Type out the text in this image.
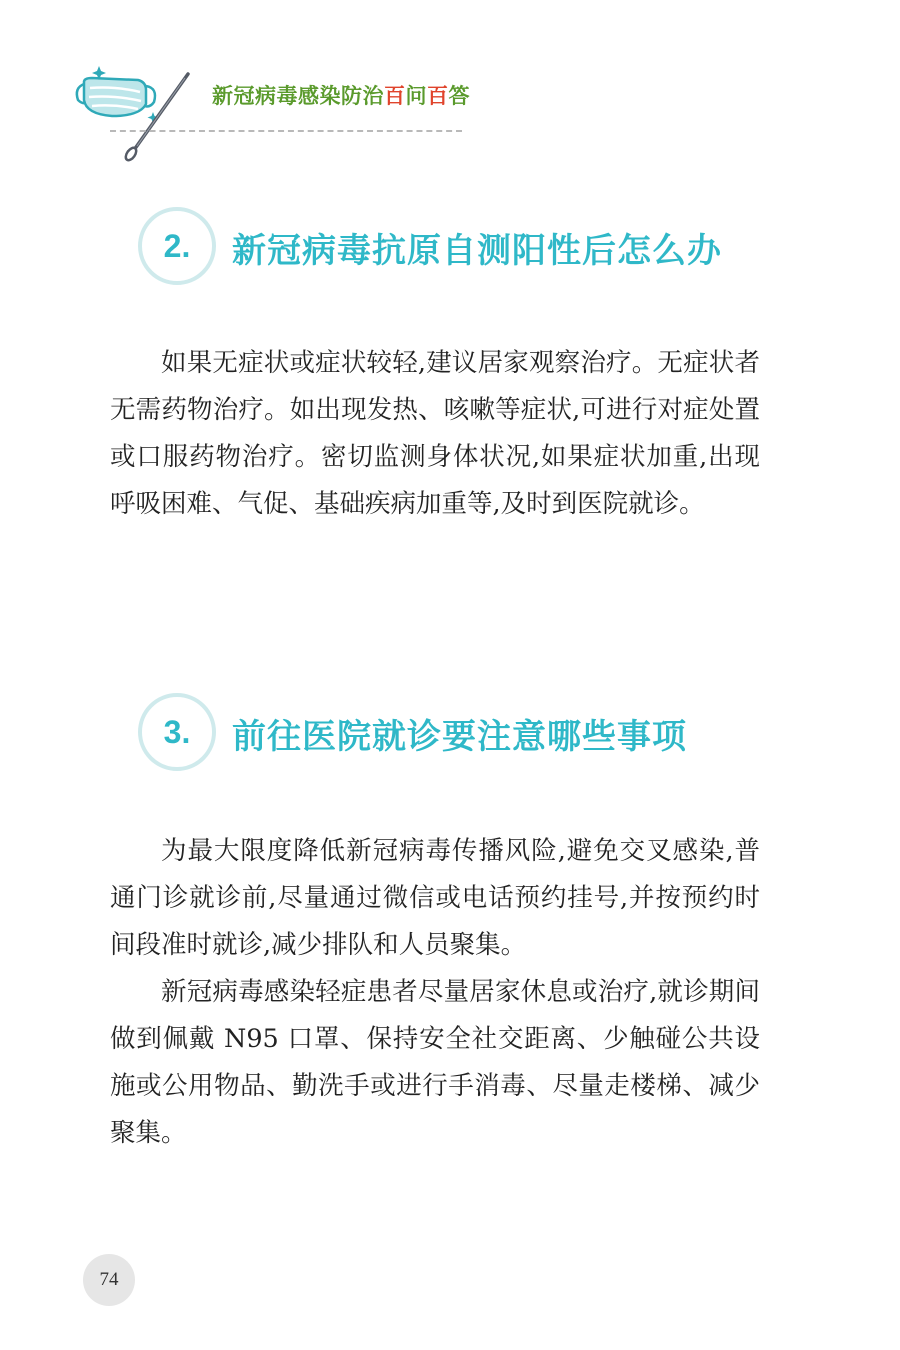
新冠病毒感染防治百问百答
2. 新冠病毒抗原自测阳性后怎么办

如果无症状或症状较轻,建议居家观察治疗。无症状者无需药物治疗。如出现发热、咳嗽等症状,可进行对症处置或口服药物治疗。密切监测身体状况,如果症状加重,出现呼吸困难、气促、基础疾病加重等,及时到医院就诊。

3. 前往医院就诊要注意哪些事项

为最大限度降低新冠病毒传播风险,避免交叉感染,普通门诊就诊前,尽量通过微信或电话预约挂号,并按预约时间段准时就诊,减少排队和人员聚集。

新冠病毒感染轻症患者尽量居家休息或治疗,就诊期间做到佩戴 N95 口罩、保持安全社交距离、少触碰公共设施或公用物品、勤洗手或进行手消毒、尽量走楼梯、减少聚集。

74
